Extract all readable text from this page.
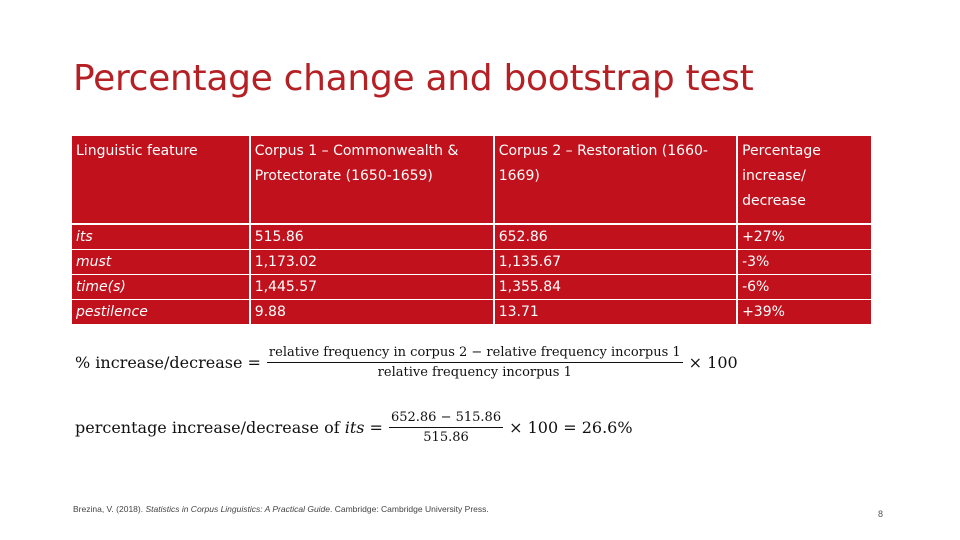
Percentage change and bootstrap test
Linguistic feature	Corpus 1 – Commonwealth & Protectorate (1650-1659)	Corpus 2 – Restoration (1660-1669)	Percentage increase/ decrease
its	515.86	652.86	+27%
must	1,173.02	1,135.67	-3%
time(s)	1,445.57	1,355.84	-6%
pestilence	9.88	13.71	+39%
% increase/decrease =
relative frequency in corpus 2 − relative frequency incorpus 1
relative frequency incorpus 1
× 100
percentage increase/decrease of its = $\frac{652.86 - 515.86}{515.86} \times 100 = 26.6\%$
Brezina, V. (2018). Statistics in Corpus Linguistics: A Practical Guide. Cambridge: Cambridge University Press.	8
